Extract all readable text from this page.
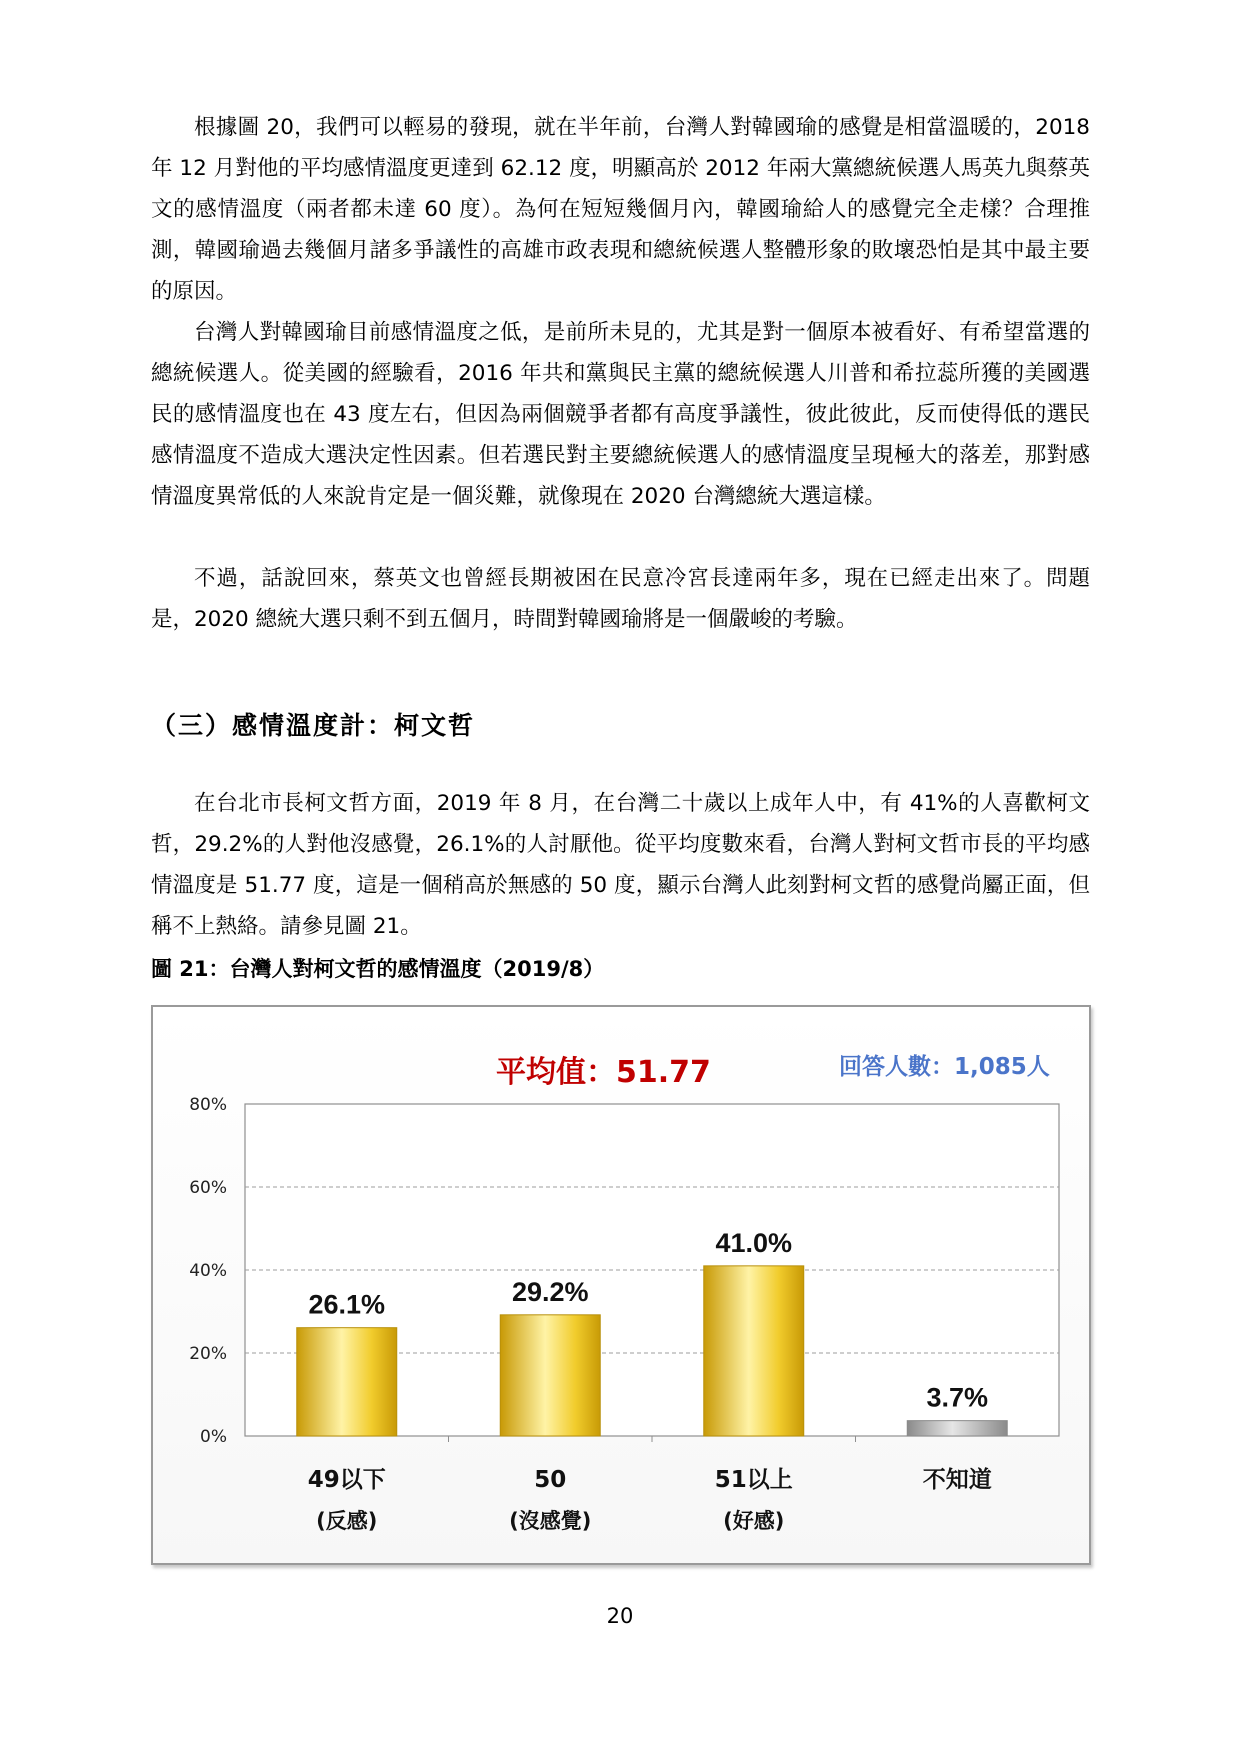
根據圖 20，我們可以輕易的發現，就在半年前，台灣人對韓國瑜的感覺是相當溫暖的，2018 年 12 月對他的平均感情溫度更達到 62.12 度，明顯高於 2012 年兩大黨總統候選人馬英九與蔡英文的感情溫度（兩者都未達 60 度）。為何在短短幾個月內，韓國瑜給人的感覺完全走樣？合理推測，韓國瑜過去幾個月諸多爭議性的高雄市政表現和總統候選人整體形象的敗壞恐怕是其中最主要的原因。

台灣人對韓國瑜目前感情溫度之低，是前所未見的，尤其是對一個原本被看好、有希望當選的總統候選人。從美國的經驗看，2016 年共和黨與民主黨的總統候選人川普和希拉蕊所獲的美國選民的感情溫度也在 43 度左右，但因為兩個競爭者都有高度爭議性，彼此彼此，反而使得低的選民感情溫度不造成大選決定性因素。但若選民對主要總統候選人的感情溫度呈現極大的落差，那對感情溫度異常低的人來說肯定是一個災難，就像現在 2020 台灣總統大選這樣。

不過，話說回來，蔡英文也曾經長期被困在民意冷宮長達兩年多，現在已經走出來了。問題是，2020 總統大選只剩不到五個月，時間對韓國瑜將是一個嚴峻的考驗。

（三）感情溫度計：柯文哲

在台北市長柯文哲方面，2019 年 8 月，在台灣二十歲以上成年人中，有 41%的人喜歡柯文哲，29.2%的人對他沒感覺，26.1%的人討厭他。從平均度數來看，台灣人對柯文哲市長的平均感情溫度是 51.77 度，這是一個稍高於無感的 50 度，顯示台灣人此刻對柯文哲的感覺尚屬正面，但稱不上熱絡。請參見圖 21。

圖 21：台灣人對柯文哲的感情溫度（2019/8）

平均值：51.77	回答人數：1,085人
0%
20%
40%
60%
80%
26.1%
49以下
(反感)
29.2%
50
(沒感覺)
41.0%
51以上
(好感)
3.7%
不知道
20
